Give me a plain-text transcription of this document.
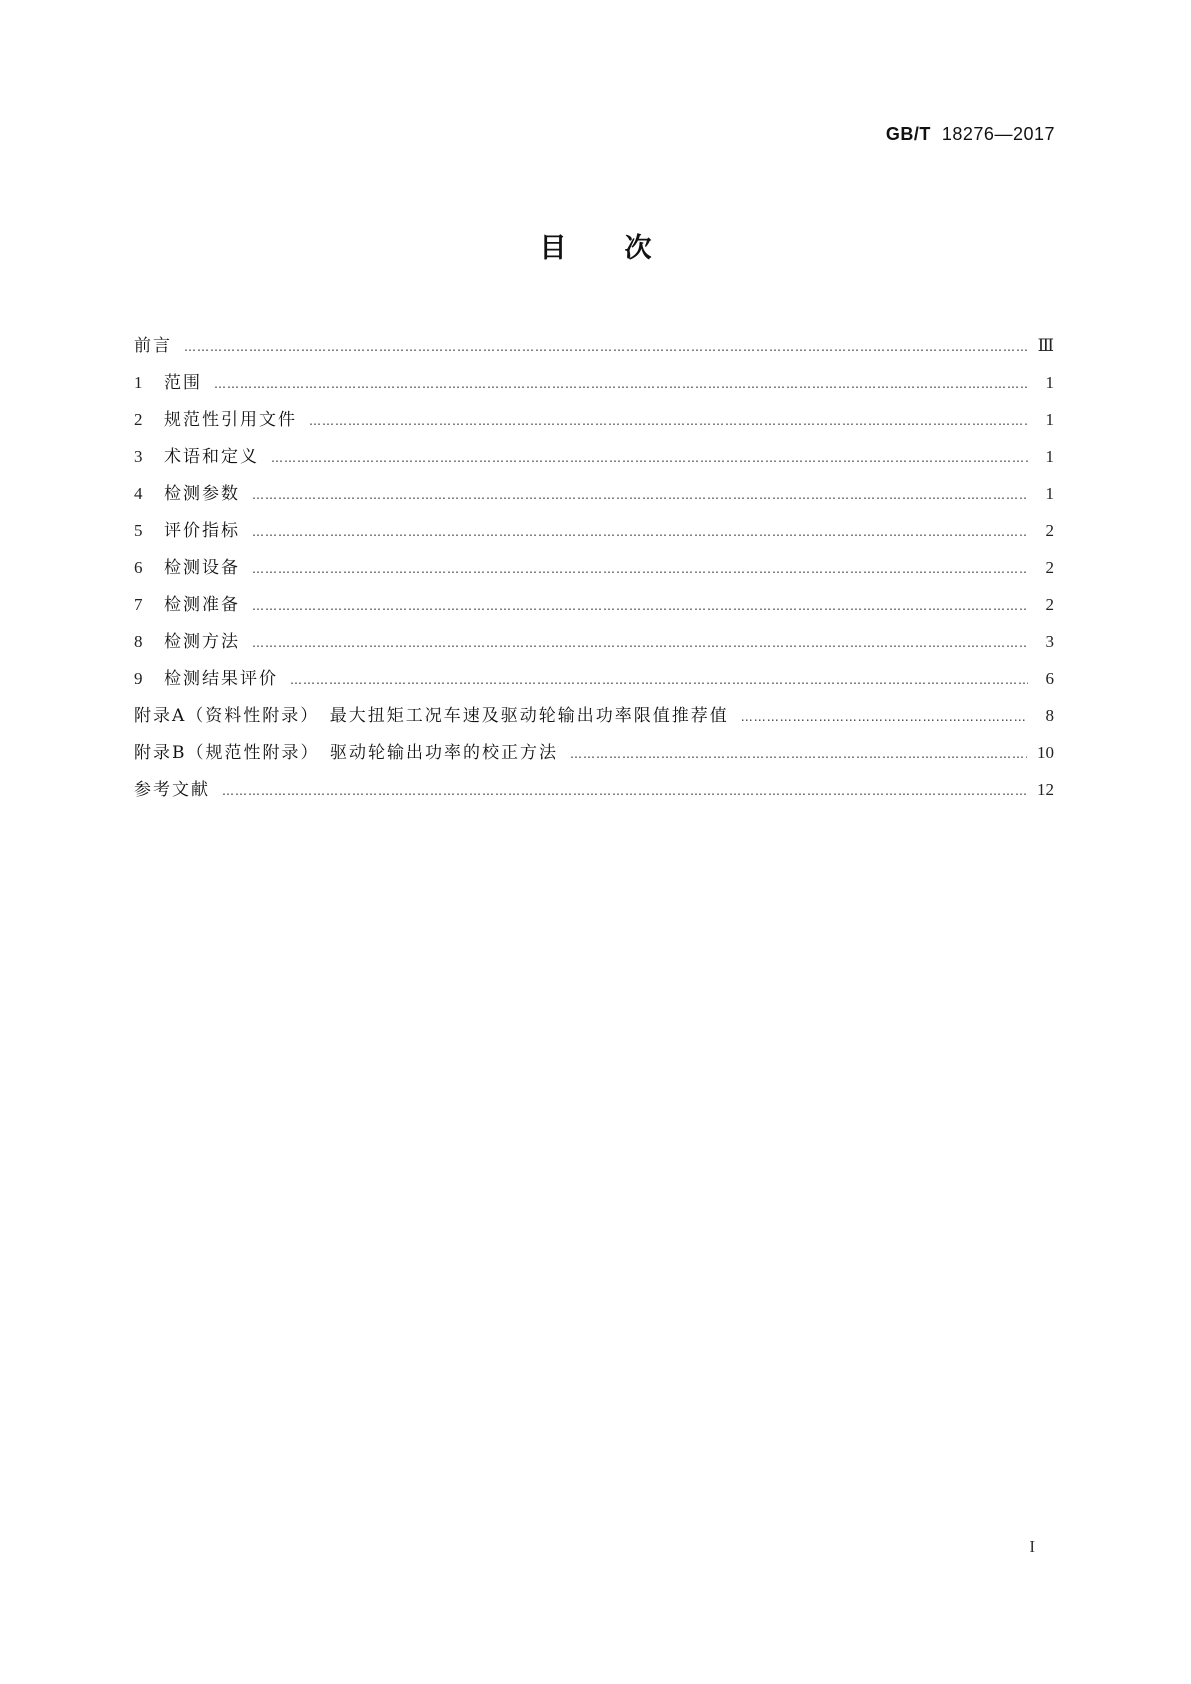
GB/T 18276—2017
目次
前言 ……………………………………………………………………………………………………………………………………………………………………………………………………………………………………………………………………	Ⅲ
1	范围 ……………………………………………………………………………………………………………………………………………………………………………………………………………………………………………………………………	1
2	规范性引用文件 ……………………………………………………………………………………………………………………………………………………………………………………………………………………………………………………………………	1
3	术语和定义 ……………………………………………………………………………………………………………………………………………………………………………………………………………………………………………………………………	1
4	检测参数 ……………………………………………………………………………………………………………………………………………………………………………………………………………………………………………………………………	1
5	评价指标 ……………………………………………………………………………………………………………………………………………………………………………………………………………………………………………………………………	2
6	检测设备 ……………………………………………………………………………………………………………………………………………………………………………………………………………………………………………………………………	2
7	检测准备 ……………………………………………………………………………………………………………………………………………………………………………………………………………………………………………………………………	2
8	检测方法 ……………………………………………………………………………………………………………………………………………………………………………………………………………………………………………………………………	3
9	检测结果评价 ……………………………………………………………………………………………………………………………………………………………………………………………………………………………………………………………………	6
附录A（资料性附录）　最大扭矩工况车速及驱动轮输出功率限值推荐值 ……………………………………………………………………………………………………………………………………………………………………………………………………………………………………………………………………	8
附录B（规范性附录）　驱动轮输出功率的校正方法 ……………………………………………………………………………………………………………………………………………………………………………………………………………………………………………………………………	10
参考文献 ……………………………………………………………………………………………………………………………………………………………………………………………………………………………………………………………………	12
I
